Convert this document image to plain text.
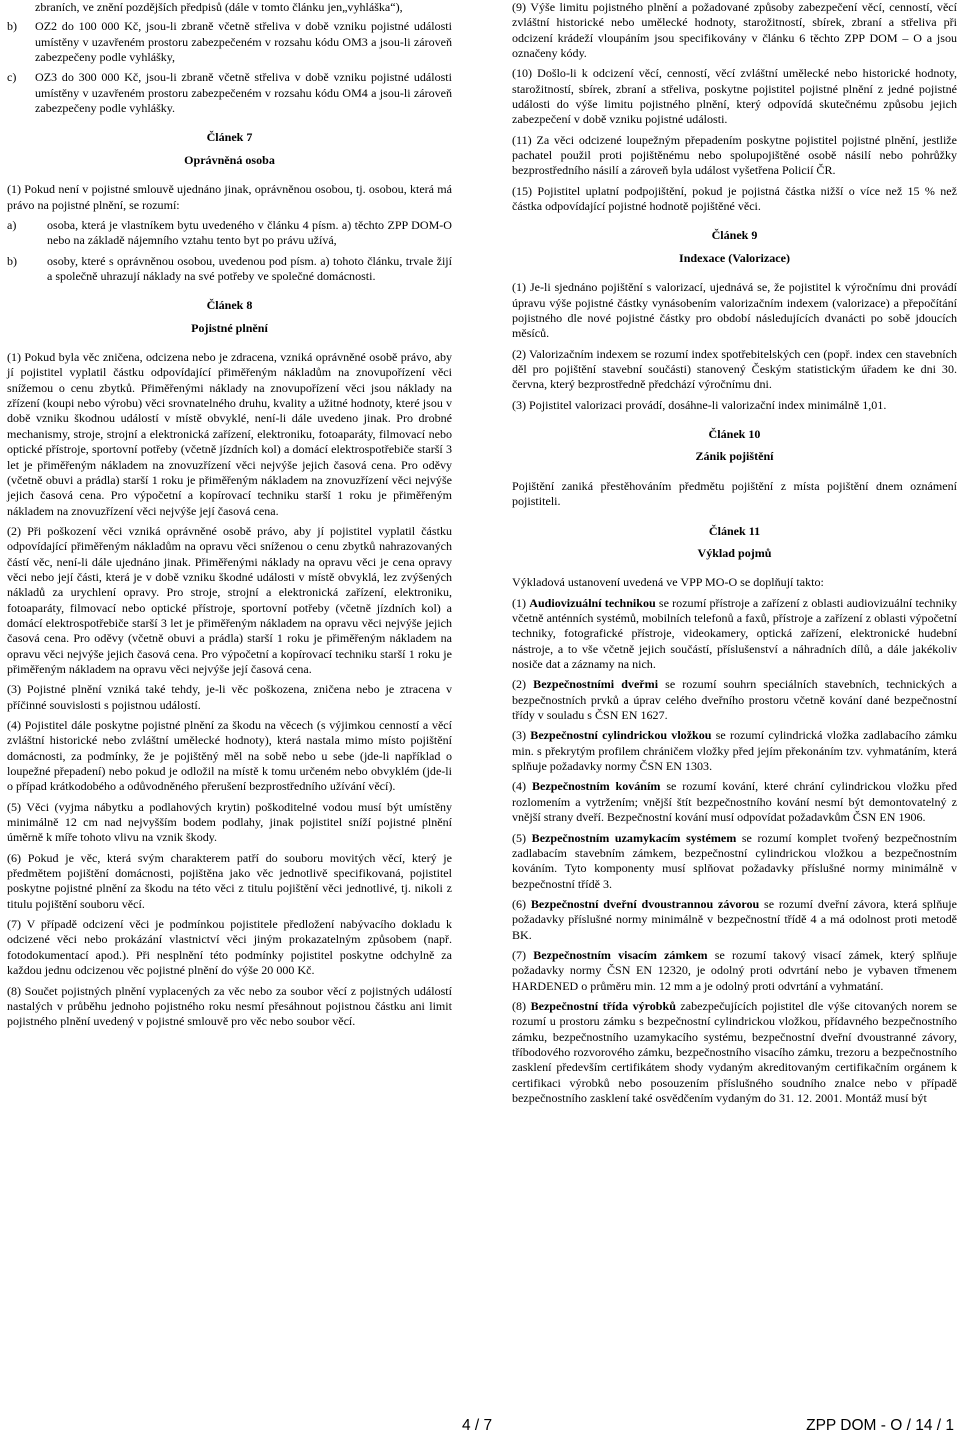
zbraních, ve znění pozdějších předpisů (dále v tomto článku jen„vyhláška“),

b) OZ2 do 100 000 Kč, jsou-li zbraně včetně střeliva v době vzniku pojistné události umístěny v uzavřeném prostoru zabezpečeném v rozsahu kódu OM3 a jsou-li zároveň zabezpečeny podle vyhlášky,
c) OZ3 do 300 000 Kč, jsou-li zbraně včetně střeliva v době vzniku pojistné události umístěny v uzavřeném prostoru zabezpečeném v rozsahu kódu OM4 a jsou-li zároveň zabezpečeny podle vyhlášky.

Článek 7

Oprávněná osoba

(1) Pokud není v pojistné smlouvě ujednáno jinak, oprávněnou osobou, tj. osobou, která má právo na pojistné plnění, se rozumí:

a)	osoba, která je vlastníkem bytu uvedeného v článku 4 písm. a) těchto ZPP DOM-O nebo na základě nájemního vztahu tento byt po právu užívá,
b) osoby, které s oprávněnou osobou, uvedenou pod písm. a) tohoto článku, trvale žijí a společně uhrazují náklady na své potřeby ve společné domácnosti.

Článek 8

Pojistné plnění

(1) Pokud byla věc zničena, odcizena nebo je zdracena, vzniká oprávněné osobě právo, aby jí pojistitel vyplatil částku odpovídající přiměřeným nákladům na znovupořízení věci snížemou o cenu zbytků. Přiměřenými náklady na znovupořízení věci jsou náklady na zřízení (koupi nebo výrobu) věci srovnatelného druhu, kvality a užitné hodnoty, které jsou v době vzniku škodnou událostí v místě obvyklé, není-li dále uvedeno jinak. Pro drobné mechanismy, stroje, strojní a elektronická zařízení, elektroniku, fotoaparáty, filmovací nebo optické přístroje, sportovní potřeby (včetně jízdních kol) a domácí elektrospotřebiče starší 3 let je přiměřeným nákladem na znovuzřízení věci nejvýše jejich časová cena. Pro oděvy (včetně obuvi a prádla) starší 1 roku je přiměřeným nákladem na znovuzřízení věci nejvýše jejich časová cena. Pro výpočetní a kopírovací techniku starší 1 roku je přiměřeným nákladem na znovuzřízení věci nejvýše její časová cena.

(2) Při poškození věci vzniká oprávněné osobě právo, aby jí pojistitel vyplatil částku odpovídající přiměřeným nákladům na opravu věci sníženou o cenu zbytků nahrazovaných částí věc, není-li dále ujednáno jinak. Přiměřenými náklady na opravu věci je cena opravy věci nebo její části, která je v době vzniku škodné události v místě obvyklá, lez zvýšených nákladů za urychlení opravy. Pro stroje, strojní a elektronická zařízení, elektroniku, fotoaparáty, filmovací nebo optické přístroje, sportovní potřeby (včetně jízdních kol) a domácí elektrospotřebiče starší 3 let je přiměřeným nákladem na opravu věci nejvýše jejich časová cena. Pro oděvy (včetně obuvi a prádla) starší 1 roku je přiměřeným nákladem na opravu věci nejvýše jejich časová cena. Pro výpočetní a kopírovací techniku starší 1 roku je přiměřeným nákladem na opravu věci nejvýše její časová cena.

(3) Pojistné plnění vzniká také tehdy, je-li věc poškozena, zničena nebo je ztracena v příčinné souvislosti s pojistnou událostí.

(4) Pojistitel dále poskytne pojistné plnění za škodu na věcech (s výjimkou cenností a věcí zvláštní historické nebo zvláštní umělecké hodnoty), která nastala mimo místo pojištění domácnosti, za podmínky, že je pojištěný měl na sobě nebo u sebe (jde-li například o loupežné přepadení) nebo pokud je odložil na místě k tomu určeném nebo obvyklém (jde-li o případ krátkodobého a odůvodněného přerušení bezprostředního užívání věcí).

(5) Věci (vyjma nábytku a podlahových krytin) poškoditelné vodou musí být umístěny minimálně 12 cm nad nejvyšším bodem podlahy, jinak pojistitel sníží pojistné plnění úměrně k míře tohoto vlivu na vznik škody.

(6) Pokud je věc, která svým charakterem patří do souboru movitých věcí, který je předmětem pojištění domácnosti, pojištěna jako věc jednotlivě specifikovaná, pojistitel poskytne pojistné plnění za škodu na této věci z titulu pojištění věci jednotlivé, tj. nikoli z titulu pojištění souboru věcí.

(7) V případě odcizení věci je podmínkou pojistitele předložení nabývacího dokladu k odcizené věci nebo prokázání vlastnictví věci jiným prokazatelným způsobem (např. fotodokumentací apod.). Při nesplnění této podmínky pojistitel poskytne odchylně za každou jednu odcizenou věc pojistné plnění do výše 20 000 Kč.

(8) Součet pojistných plnění vyplacených za věc nebo za soubor věcí z pojistných událostí nastalých v průběhu jednoho pojistného roku nesmí přesáhnout pojistnou částku ani limit pojistného plnění uvedený v pojistné smlouvě pro věc nebo soubor věcí.

(9) Výše limitu pojistného plnění a požadované způsoby zabezpečení věcí, cenností, věcí zvláštní historické nebo umělecké hodnoty, starožitností, sbírek, zbraní a střeliva při odcizení krádeží vloupáním jsou specifikovány v článku 6 těchto ZPP DOM – O a jsou označeny kódy.

(10) Došlo-li k odcizení věcí, cenností, věcí zvláštní umělecké nebo historické hodnoty, starožitností, sbírek, zbraní a střeliva, poskytne pojistitel pojistné plnění z jedné pojistné události do výše limitu pojistného plnění, který odpovídá skutečnému způsobu jejich zabezpečení v době vzniku pojistné události.

(11) Za věci odcizené loupežným přepadením poskytne pojistitel pojistné plnění, jestliže pachatel použil proti pojištěnému nebo spolupojištěné osobě násilí nebo pohrůžky bezprostředního násilí a zároveň byla událost vyšetřena Policií ČR.

(15) Pojistitel uplatní podpojištění, pokud je pojistná částka nižší o více než 15 % než částka odpovídající pojistné hodnotě pojištěné věci.

Článek 9

Indexace (Valorizace)

(1) Je-li sjednáno pojištění s valorizací, ujednává se, že pojistitel k výročnímu dni provádí úpravu výše pojistné částky vynásobením valorizačním indexem (valorizace) a přepočítání pojistného dle nové pojistné částky pro období následujících dvanácti po sobě jdoucích měsíců.

(2) Valorizačním indexem se rozumí index spotřebitelských cen (popř. index cen stavebních děl pro pojištění stavební součásti) stanovený Českým statistickým úřadem ke dni 30. června, který bezprostředně předchází výročnímu dni.

(3) Pojistitel valorizaci provádí, dosáhne-li valorizační index minimálně 1,01.

Článek 10

Zánik pojištění

Pojištění zaniká přestěhováním předmětu pojištění z místa pojištění dnem oznámení pojistiteli.

Článek 11

Výklad pojmů

Výkladová ustanovení uvedená ve VPP MO-O se doplňují takto:

(1) Audiovizuální technikou se rozumí přístroje a zařízení z oblasti audiovizuální techniky včetně anténních systémů, mobilních telefonů a faxů, přístroje a zařízení z oblasti výpočetní techniky, fotografické přístroje, videokamery, optická zařízení, elektronické hudební nástroje, a to vše včetně jejich součástí, příslušenství a náhradních dílů, a dále jakékoliv nosiče dat a záznamy na nich.

(2) Bezpečnostními dveřmi se rozumí souhrn speciálních stavebních, technických a bezpečnostních prvků a úprav celého dveřního prostoru včetně kování dané bezpečnostní třídy v souladu s ČSN EN 1627.

(3) Bezpečnostní cylindrickou vložkou se rozumí cylindrická vložka zadlabacího zámku min. s překrytým profilem chráničem vložky před jejím překonáním tzv. vyhmatáním, která splňuje požadavky normy ČSN EN 1303.

(4) Bezpečnostním kováním se rozumí kování, které chrání cylindrickou vložku před rozlomením a vytržením; vnější štít bezpečnostního kování nesmí být demontovatelný z vnější strany dveří. Bezpečnostní kování musí odpovídat požadavkům ČSN EN 1906.

(5) Bezpečnostním uzamykacím systémem se rozumí komplet tvořený bezpečnostním zadlabacím stavebním zámkem, bezpečnostní cylindrickou vložkou a bezpečnostním kováním. Tyto komponenty musí splňovat požadavky příslušné normy minimálně v bezpečnostní třídě 3.

(6) Bezpečnostní dveřní dvoustrannou závorou se rozumí dveřní závora, která splňuje požadavky příslušné normy minimálně v bezpečnostní třídě 4 a má odolnost proti metodě BK.

(7) Bezpečnostním visacím zámkem se rozumí takový visací zámek, který splňuje požadavky normy ČSN EN 12320, je odolný proti odvrtání nebo je vybaven třmenem HARDENED o průměru min. 12 mm a je odolný proti odvrtání a vyhmatání.

(8) Bezpečnostní třída výrobků zabezpečujících pojistitel dle výše citovaných norem se rozumí u prostoru zámku s bezpečnostní cylindrickou vložkou, přídavného bezpečnostního zámku, bezpečnostního uzamykacího systému, bezpečnostní dveřní dvoustranné závory, tříbodového rozvorového zámku, bezpečnostního visacího zámku, trezoru a bezpečnostního zasklení především certifikátem shody vydaným akreditovaným certifikačním orgánem k certifikaci výrobků nebo posouzením příslušného soudního znalce nebo v případě bezpečnostního zasklení také osvědčením vydaným do 31. 12. 2001. Montáž musí být

4 / 7	ZPP DOM - O / 14 / 1
